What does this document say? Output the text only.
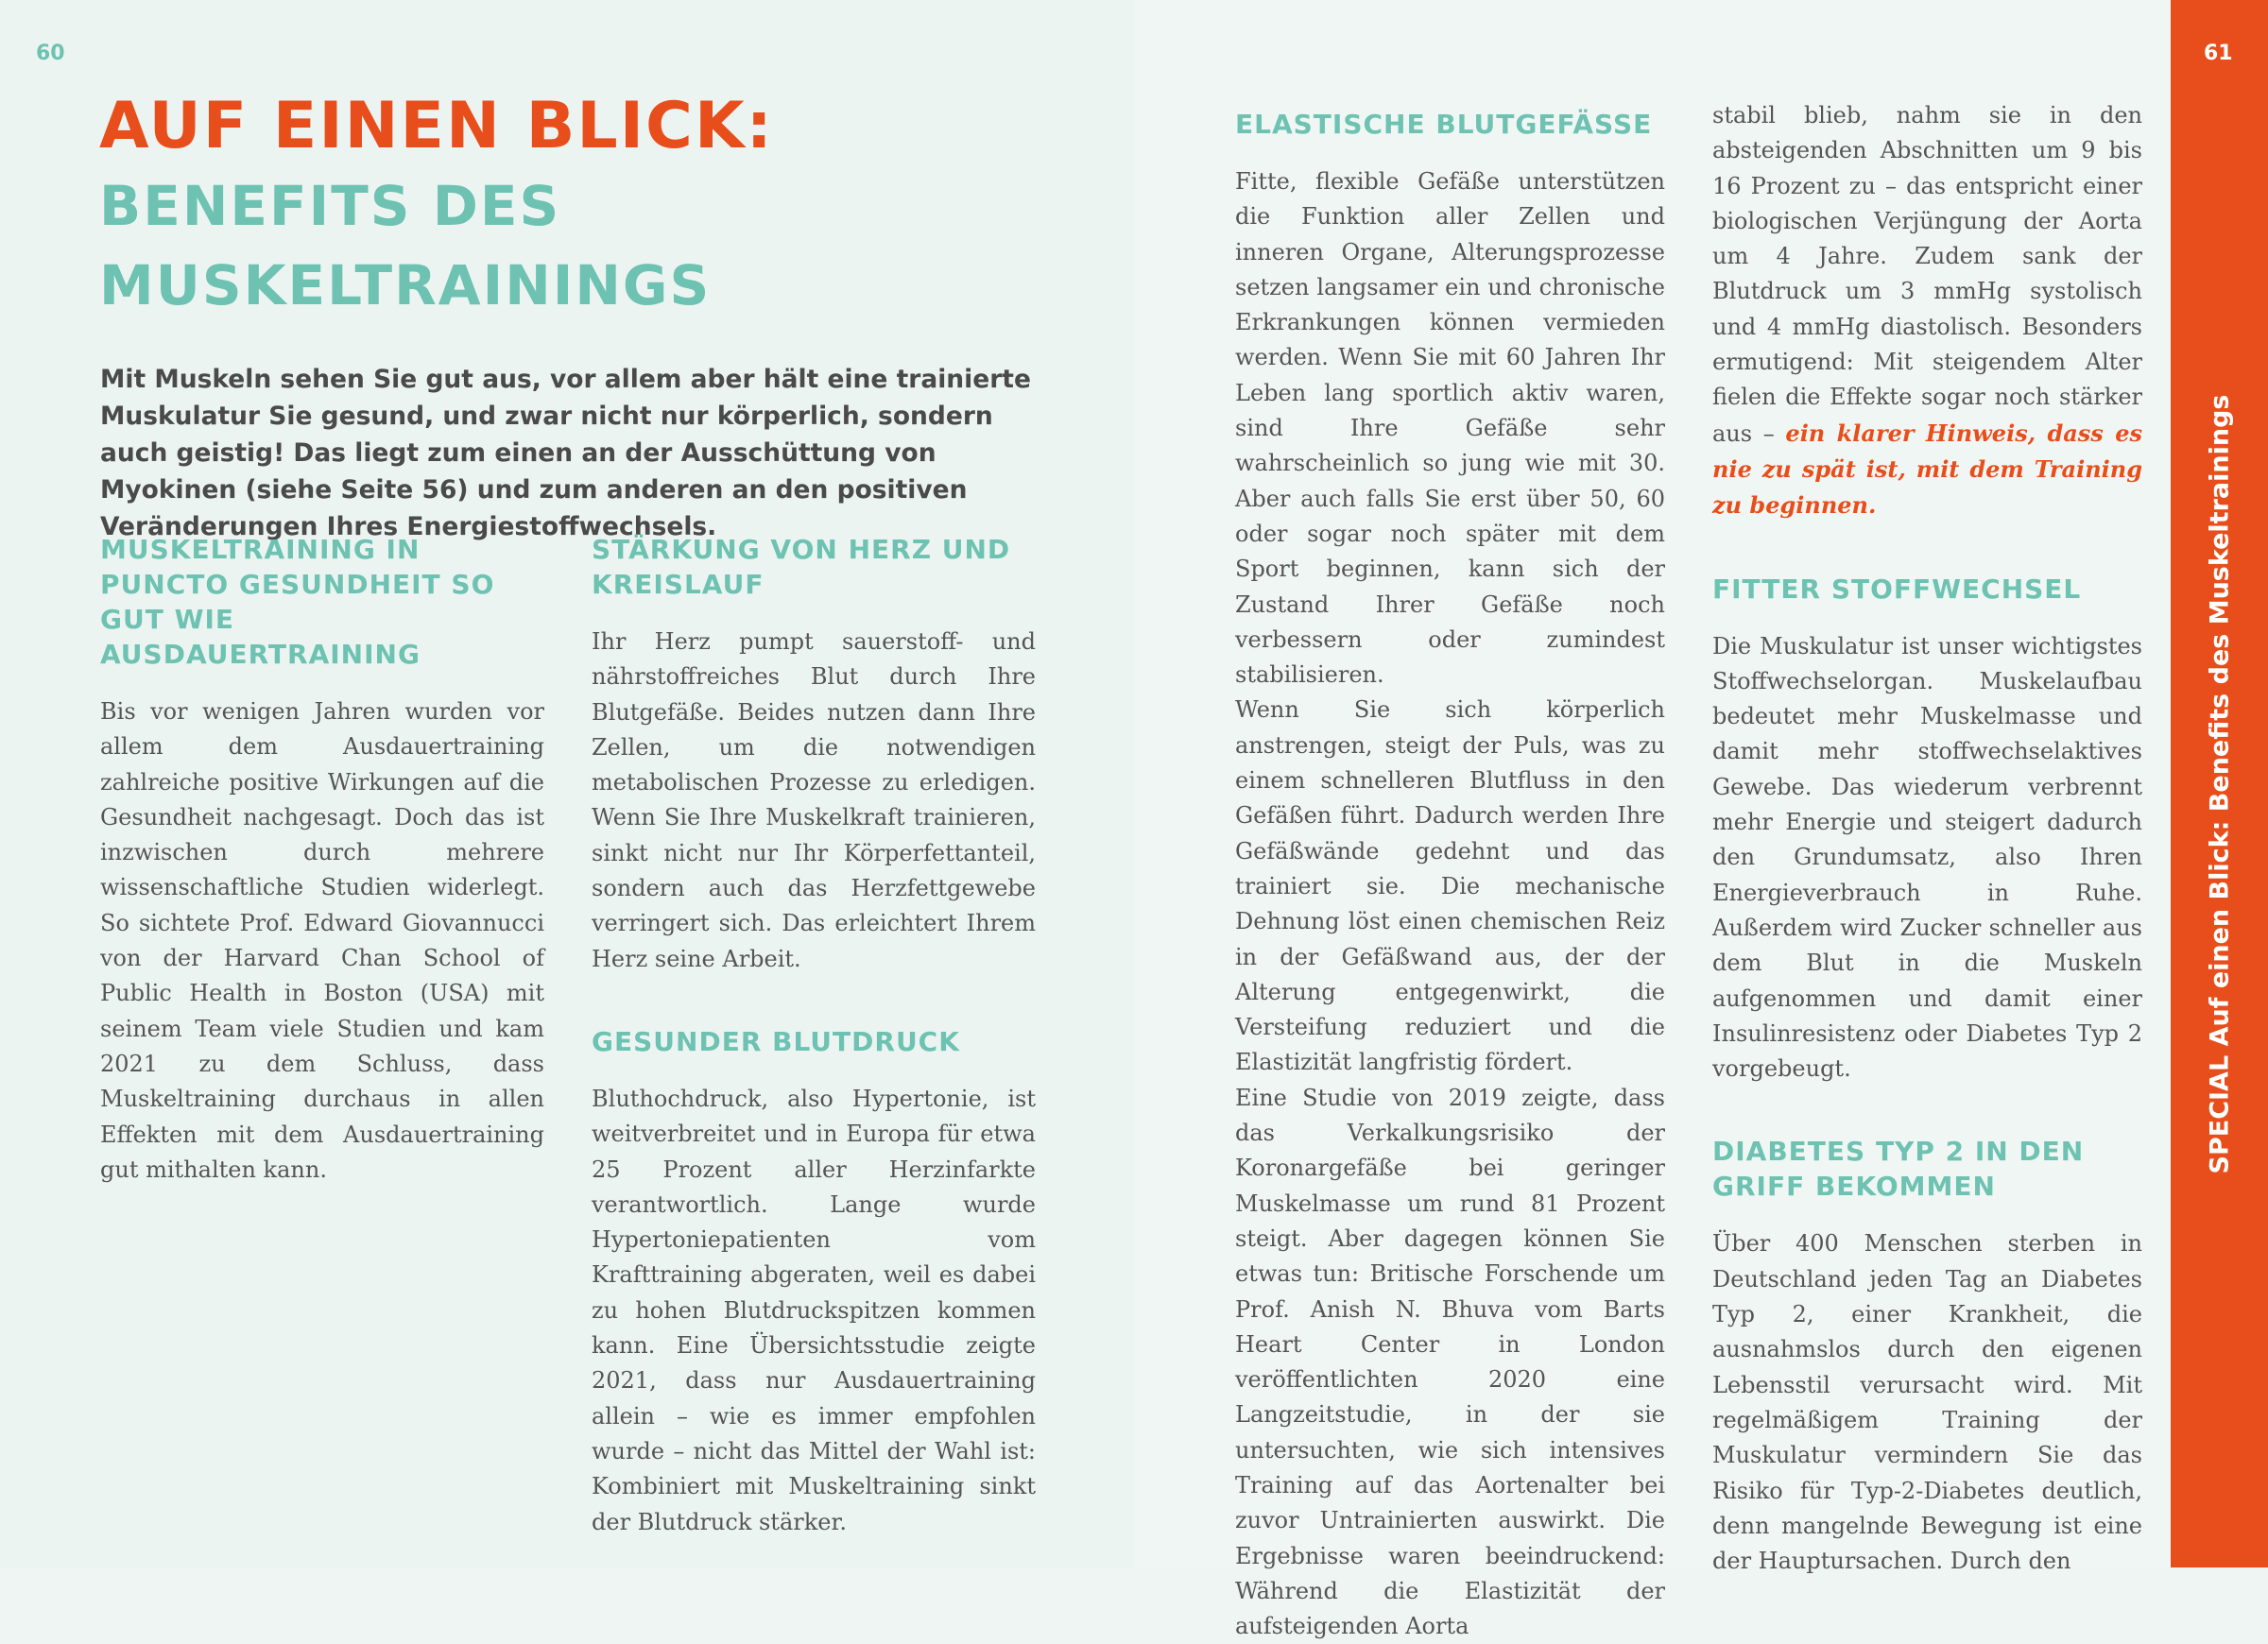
60
SPECIAL Auf einen Blick: Benefits des Muskeltrainings
61
AUF EINEN BLICK:
BENEFITS DES MUSKELTRAININGS

Mit Muskeln sehen Sie gut aus, vor allem aber hält eine trainierte Muskulatur Sie gesund, und zwar nicht nur körperlich, sondern auch geistig! Das liegt zum einen an der Ausschüttung von Myokinen (siehe Seite 56) und zum anderen an den positiven Veränderungen Ihres Energiestoffwechsels.

MUSKELTRAINING IN PUNCTO GESUNDHEIT SO GUT WIE AUSDAUERTRAINING

Bis vor wenigen Jahren wurden vor allem dem Ausdauertraining zahlreiche positive Wirkungen auf die Gesundheit nachgesagt. Doch das ist inzwischen durch mehrere wissenschaftliche Studien widerlegt. So sichtete Prof. Edward Giovannucci von der Harvard Chan School of Public Health in Boston (USA) mit seinem Team viele Studien und kam 2021 zu dem Schluss, dass Muskeltraining durchaus in allen Effekten mit dem Ausdauertraining gut mithalten kann.

STÄRKUNG VON HERZ UND KREISLAUF

Ihr Herz pumpt sauerstoff- und nährstoffreiches Blut durch Ihre Blutgefäße. Beides nutzen dann Ihre Zellen, um die notwendigen metabolischen Prozesse zu erledigen. Wenn Sie Ihre Muskelkraft trainieren, sinkt nicht nur Ihr Körperfettanteil, sondern auch das Herzfettgewebe verringert sich. Das erleichtert Ihrem Herz seine Arbeit.

GESUNDER BLUTDRUCK

Bluthochdruck, also Hypertonie, ist weitverbreitet und in Europa für etwa 25 Prozent aller Herzinfarkte verantwortlich. Lange wurde Hypertoniepatienten vom Krafttraining abgeraten, weil es dabei zu hohen Blutdruckspitzen kommen kann. Eine Übersichtsstudie zeigte 2021, dass nur Ausdauertraining allein – wie es immer empfohlen wurde – nicht das Mittel der Wahl ist: Kombiniert mit Muskeltraining sinkt der Blutdruck stärker.

ELASTISCHE BLUTGEFÄSSE

Fitte, flexible Gefäße unterstützen die Funktion aller Zellen und inneren Organe, Alterungsprozesse setzen langsamer ein und chronische Erkrankungen können vermieden werden. Wenn Sie mit 60 Jahren Ihr Leben lang sportlich aktiv waren, sind Ihre Gefäße sehr wahrscheinlich so jung wie mit 30. Aber auch falls Sie erst über 50, 60 oder sogar noch später mit dem Sport beginnen, kann sich der Zustand Ihrer Gefäße noch verbessern oder zumindest stabilisieren.

Wenn Sie sich körperlich anstrengen, steigt der Puls, was zu einem schnelleren Blutfluss in den Gefäßen führt. Dadurch werden Ihre Gefäßwände gedehnt und das trainiert sie. Die mechanische Dehnung löst einen chemischen Reiz in der Gefäßwand aus, der der Alterung entgegenwirkt, die Versteifung reduziert und die Elastizität langfristig fördert.

Eine Studie von 2019 zeigte, dass das Verkalkungsrisiko der Koronargefäße bei geringer Muskelmasse um rund 81 Prozent steigt. Aber dagegen können Sie etwas tun: Britische Forschende um Prof. Anish N. Bhuva vom Barts Heart Center in London veröffentlichten 2020 eine Langzeitstudie, in der sie untersuchten, wie sich intensives Training auf das Aortenalter bei zuvor Untrainierten auswirkt. Die Ergebnisse waren beeindruckend: Während die Elastizität der aufsteigenden Aorta

stabil blieb, nahm sie in den absteigenden Abschnitten um 9 bis 16 Prozent zu – das entspricht einer biologischen Verjüngung der Aorta um 4 Jahre. Zudem sank der Blutdruck um 3 mmHg systolisch und 4 mmHg diastolisch. Besonders ermutigend: Mit steigendem Alter fielen die Effekte sogar noch stärker aus – ein klarer Hinweis, dass es nie zu spät ist, mit dem Training zu beginnen.

FITTER STOFFWECHSEL

Die Muskulatur ist unser wichtigstes Stoffwechselorgan. Muskelaufbau bedeutet mehr Muskelmasse und damit mehr stoffwechselaktives Gewebe. Das wiederum verbrennt mehr Energie und steigert dadurch den Grundumsatz, also Ihren Energieverbrauch in Ruhe. Außerdem wird Zucker schneller aus dem Blut in die Muskeln aufgenommen und damit einer Insulinresistenz oder Diabetes Typ 2 vorgebeugt.

DIABETES TYP 2 IN DEN GRIFF BEKOMMEN

Über 400 Menschen sterben in Deutschland jeden Tag an Diabetes Typ 2, einer Krankheit, die ausnahmslos durch den eigenen Lebensstil verursacht wird. Mit regelmäßigem Training der Muskulatur vermindern Sie das Risiko für Typ-2-Diabetes deutlich, denn mangelnde Bewegung ist eine der Hauptursachen. Durch den
